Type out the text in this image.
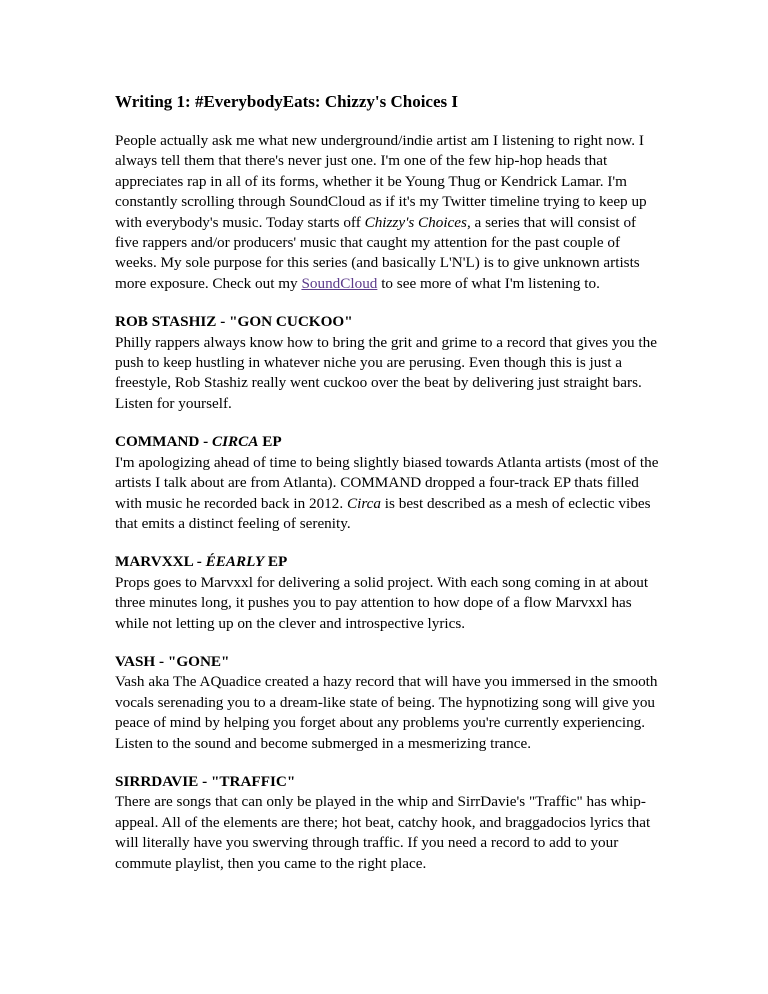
Writing 1: #EverybodyEats: Chizzy's Choices I

People actually ask me what new underground/indie artist am I listening to right now. I always tell them that there's never just one. I'm one of the few hip-hop heads that appreciates rap in all of its forms, whether it be Young Thug or Kendrick Lamar. I'm constantly scrolling through SoundCloud as if it's my Twitter timeline trying to keep up with everybody's music. Today starts off Chizzy's Choices, a series that will consist of five rappers and/or producers' music that caught my attention for the past couple of weeks. My sole purpose for this series (and basically L'N'L) is to give unknown artists more exposure. Check out my SoundCloud to see more of what I'm listening to.

ROB STASHIZ - "GON CUCKOO"

Philly rappers always know how to bring the grit and grime to a record that gives you the push to keep hustling in whatever niche you are perusing. Even though this is just a freestyle, Rob Stashiz really went cuckoo over the beat by delivering just straight bars. Listen for yourself.

COMMAND - CIRCA EP

I'm apologizing ahead of time to being slightly biased towards Atlanta artists (most of the artists I talk about are from Atlanta). COMMAND dropped a four-track EP thats filled with music he recorded back in 2012. Circa is best described as a mesh of eclectic vibes that emits a distinct feeling of serenity.

MARVXXL - ÉEARLY EP

Props goes to Marvxxl for delivering a solid project. With each song coming in at about three minutes long, it pushes you to pay attention to how dope of a flow Marvxxl has while not letting up on the clever and introspective lyrics.

VASH - "GONE"

Vash aka The AQuadice created a hazy record that will have you immersed in the smooth vocals serenading you to a dream-like state of being. The hypnotizing song will give you peace of mind by helping you forget about any problems you're currently experiencing. Listen to the sound and become submerged in a mesmerizing trance.

SIRRDAVIE - "TRAFFIC"

There are songs that can only be played in the whip and SirrDavie's "Traffic" has whip-appeal. All of the elements are there; hot beat, catchy hook, and braggadocios lyrics that will literally have you swerving through traffic. If you need a record to add to your commute playlist, then you came to the right place.
